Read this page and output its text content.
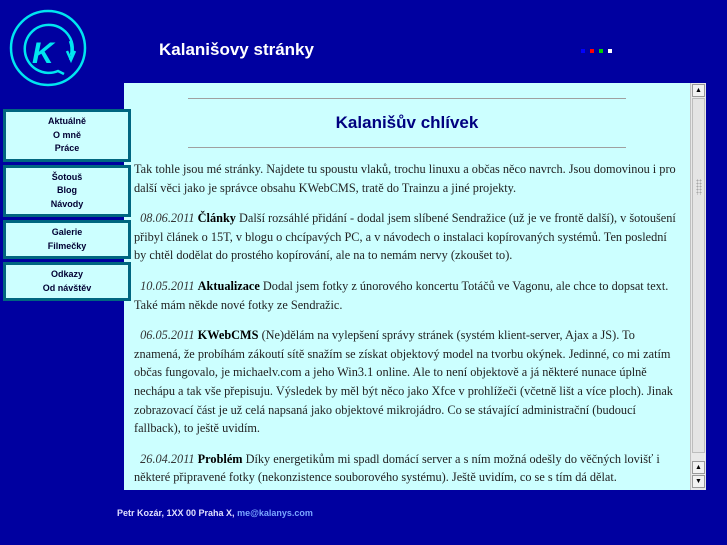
K	Kalanišovy stránky
Kalanišův chlívek

Tak tohle jsou mé stránky. Najdete tu spoustu vlaků, trochu linuxu a občas něco navrch. Jsou domovinou i pro další věci jako je správce obsahu KWebCMS, tratě do Trainzu a jiné projekty.

08.06.2011 Články Další rozsáhlé přidání - dodal jsem slíbené Sendražice (už je ve frontě další), v šotoušení přibyl článek o 15T, v blogu o chcípavých PC, a v návodech o instalaci kopírovaných systémů. Ten poslední by chtěl dodělat do prostého kopírování, ale na to nemám nervy (zkoušet to).

10.05.2011 Aktualizace Dodal jsem fotky z únorového koncertu Totáčů ve Vagonu, ale chce to dopsat text. Také mám někde nové fotky ze Sendražic.

06.05.2011 KWebCMS (Ne)dělám na vylepšení správy stránek (systém klient-server, Ajax a JS). To znamená, že probíhám zákoutí sítě snažím se získat objektový model na tvorbu okýnek. Jedinné, co mi zatím občas fungovalo, je michaelv.com a jeho Win3.1 online. Ale to není objektově a já některé nunace úplně nechápu a tak vše přepisuju. Výsledek by měl být něco jako Xfce v prohlížeči (včetně lišt a více ploch). Jinak zobrazovací část je už celá napsaná jako objektové mikrojádro. Co se stávající administrační (budoucí fallback), to ještě uvidím.

26.04.2011 Problém Díky energetikům mi spadl domácí server a s ním možná odešly do věčných lovišť i některé připravené fotky (nekonzistence souborového systému). Ještě uvidím, co se s tím dá dělat.

▲
▲
▼
Aktuálně
O mně
Práce
Šotouš
Blog
Návody
Galerie
Filmečky
Odkazy
Od návštěv
Petr Kozár, 1XX 00 Praha X, me@kalanys.com
